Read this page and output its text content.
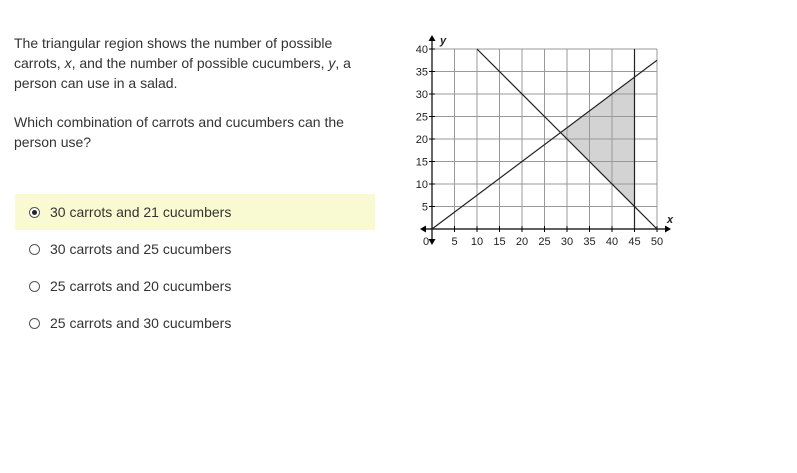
The triangular region shows the number of possible carrots, x, and the number of possible cucumbers, y, a person can use in a salad.

Which combination of carrots and cucumbers can the person use?

30 carrots and 21 cucumbers
30 carrots and 25 cucumbers
25 carrots and 20 cucumbers
25 carrots and 30 cucumbers
0 5 10 15 20 25 30 35 40 45 50
5
10
15
20
25
30
35
40
x
y
